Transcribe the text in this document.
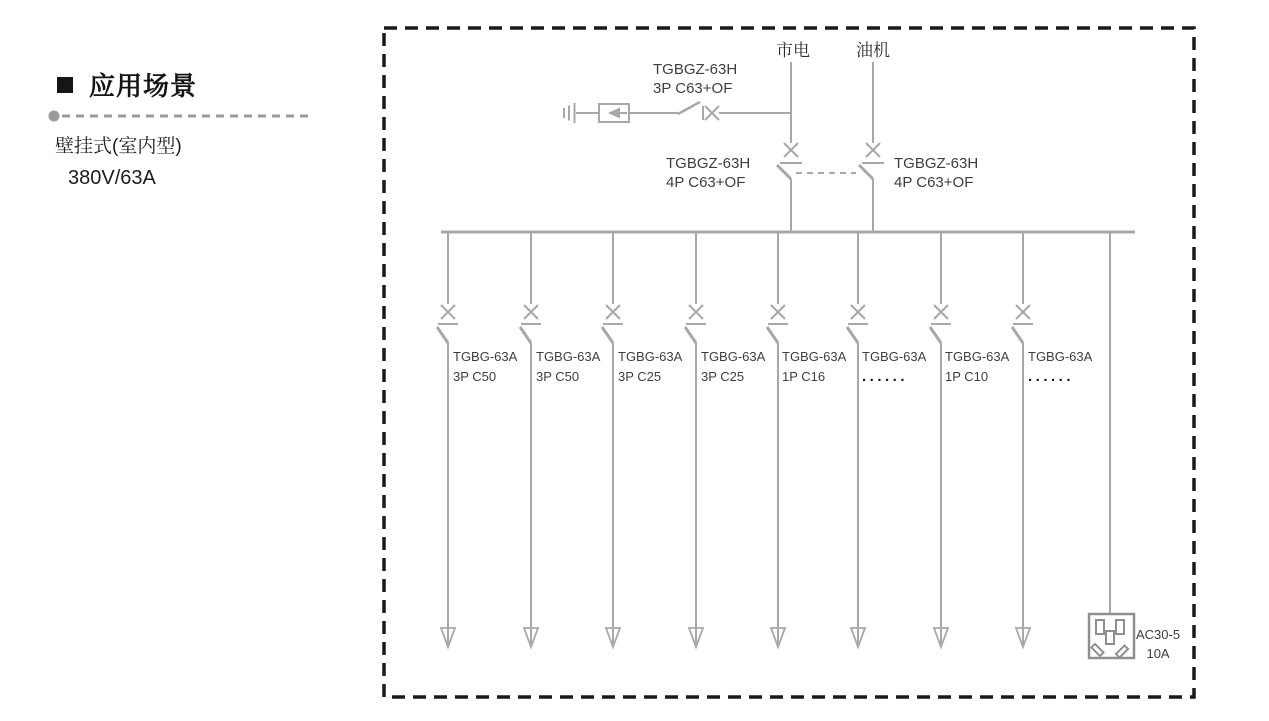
应用场景
壁挂式(室内型)
380V/63A
市电	油机
TGBGZ-63H
3P C63+OF
TGBGZ-63H
4P C63+OF
TGBGZ-63H
4P C63+OF
TGBG-63A
3P C50
TGBG-63A
3P C50
TGBG-63A
3P C25
TGBG-63A
3P C25
TGBG-63A
1P C16
TGBG-63A
......
TGBG-63A
1P C10
TGBG-63A
......
AC30-5
10A
